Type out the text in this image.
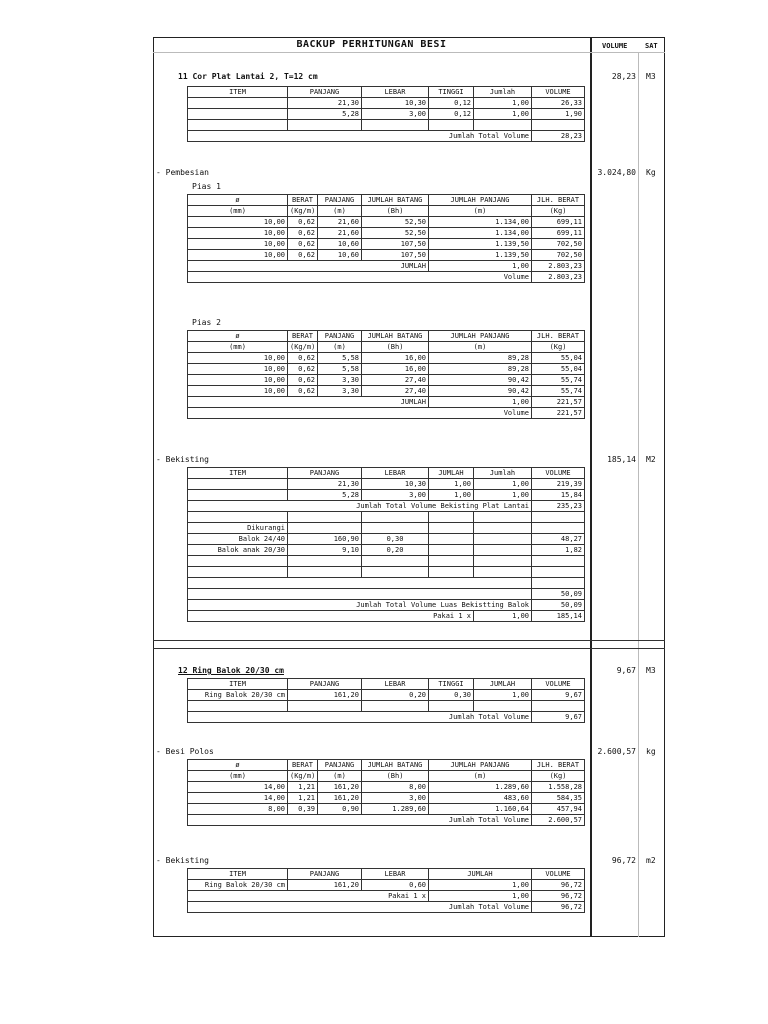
BACKUP PERHITUNGAN BESI	VOLUME	SAT
11 Cor Plat Lantai 2, T=12 cm	28,23 M3
ITEM	PANJANG	LEBAR	TINGGI	Jumlah	VOLUME
	21,30	10,30	0,12	1,00	26,33
	5,28	3,00	0,12	1,00	1,90

Jumlah Total Volume					28,23
- Pembesian	3.024,80 Kg
Pias 1
ø	BERAT	PANJANG	JUMLAH BATANG	JUMLAH PANJANG	JLH. BERAT
(mm)	(Kg/m)	(m)	(Bh)	(m)	(Kg)
10,00	0,62	21,60	52,50	1.134,00	699,11
10,00	0,62	21,60	52,50	1.134,00	699,11
10,00	0,62	10,60	107,50	1.139,50	702,50
10,00	0,62	10,60	107,50	1.139,50	702,50
JUMLAH				1,00	2.803,23
Volume					2.803,23
Pias 2
ø	BERAT	PANJANG	JUMLAH BATANG	JUMLAH PANJANG	JLH. BERAT
(mm)	(Kg/m)	(m)	(Bh)	(m)	(Kg)
10,00	0,62	5,58	16,00	89,28	55,04
10,00	0,62	5,58	16,00	89,28	55,04
10,00	0,62	3,30	27,40	90,42	55,74
10,00	0,62	3,30	27,40	90,42	55,74
JUMLAH				1,00	221,57
Volume					221,57
- Bekisting	185,14 M2
ITEM	PANJANG	LEBAR	JUMLAH	Jumlah	VOLUME
	21,30	10,30	1,00	1,00	219,39
	5,28	3,00	1,00	1,00	15,84
Jumlah Total Volume Bekisting Plat Lantai					235,23

Dikurangi					
Balok 24/40	160,90	0,30			48,27
Balok anak 20/30	9,10	0,20			1,82

					50,09
Jumlah Total Volume Luas Bekistting Balok					50,09
Pakai 1 x				1,00	185,14
12 Ring Balok 20/30 cm	9,67 M3
ITEM	PANJANG	LEBAR	TINGGI	JUMLAH	VOLUME
Ring Balok 20/30 cm	161,20	0,20	0,30	1,00	9,67

Jumlah Total Volume					9,67
- Besi Polos	2.600,57 kg
ø	BERAT	PANJANG	JUMLAH BATANG	JUMLAH PANJANG	JLH. BERAT
(mm)	(Kg/m)	(m)	(Bh)	(m)	(Kg)
14,00	1,21	161,20	8,00	1.289,60	1.558,28
14,00	1,21	161,20	3,00	483,60	584,35
8,00	0,39	0,90	1.289,60	1.160,64	457,94
Jumlah Total Volume					2.600,57
- Bekisting	96,72 m2
ITEM	PANJANG	LEBAR	JUMLAH	VOLUME
Ring Balok 20/30 cm	161,20	0,60	1,00	96,72
Pakai 1 x			1,00	96,72
Jumlah Total Volume				96,72
